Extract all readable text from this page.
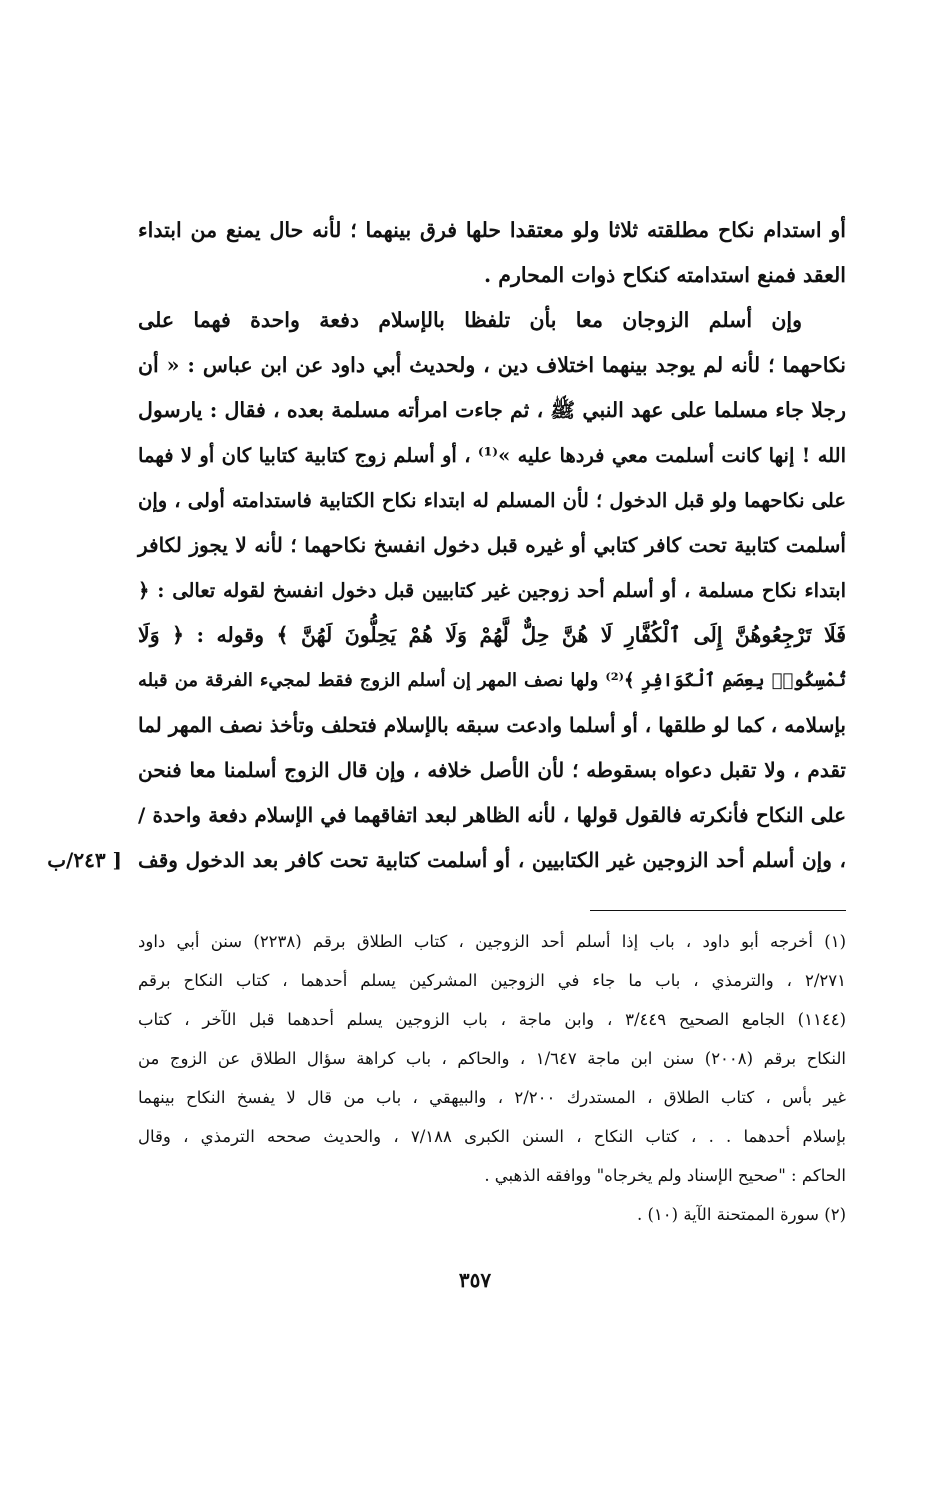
أو استدام نكاح مطلقته ثلاثا ولو معتقدا حلها فرق بينهما ؛ لأنه حال يمنع من ابتداء
العقد فمنع استدامته كنكاح ذوات المحارم .
وإن أسلم الزوجان معا بأن تلفظا بالإسلام دفعة واحدة فهما على
نكاحهما ؛ لأنه لم يوجد بينهما اختلاف دين ، ولحديث أبي داود عن ابن عباس : « أن
رجلا جاء مسلما على عهد النبي ﷺ ، ثم جاءت امرأته مسلمة بعده ، فقال : يارسول
الله ! إنها كانت أسلمت معي فردها عليه »⁽¹⁾ ، أو أسلم زوج كتابية كتابيا كان أو لا فهما
على نكاحهما ولو قبل الدخول ؛ لأن المسلم له ابتداء نكاح الكتابية فاستدامته أولى ، وإن
أسلمت كتابية تحت كافر كتابي أو غيره قبل دخول انفسخ نكاحهما ؛ لأنه لا يجوز لكافر
ابتداء نكاح مسلمة ، أو أسلم أحد زوجين غير كتابيين قبل دخول انفسخ لقوله تعالى : ﴿
فَلَا تَرْجِعُوهُنَّ إِلَى ٱلْكُفَّارِ لَا هُنَّ حِلٌّ لَّهُمْ وَلَا هُمْ يَحِلُّونَ لَهُنَّ ﴾ وقوله : ﴿ وَلَا
تُمْسِكُوا۟ بِعِصَمِ ٱلْكَوَافِرِ ﴾⁽²⁾ ولها نصف المهر إن أسلم الزوج فقط لمجيء الفرقة من قبله
بإسلامه ، كما لو طلقها ، أو أسلما وادعت سبقه بالإسلام فتحلف وتأخذ نصف المهر لما
تقدم ، ولا تقبل دعواه بسقوطه ؛ لأن الأصل خلافه ، وإن قال الزوج أسلمنا معا فنحن
على النكاح فأنكرته فالقول قولها ، لأنه الظاهر لبعد اتفاقهما في الإسلام دفعة واحدة /
، وإن أسلم أحد الزوجين غير الكتابيين ، أو أسلمت كتابية تحت كافر بعد الدخول وقف
[ ٢٤٣/ب
(١) أخرجه أبو داود ، باب إذا أسلم أحد الزوجين ، كتاب الطلاق برقم (٢٢٣٨) سنن أبي داود
٢/٢٧١ ، والترمذي ، باب ما جاء في الزوجين المشركين يسلم أحدهما ، كتاب النكاح برقم
(١١٤٤) الجامع الصحيح ٣/٤٤٩ ، وابن ماجة ، باب الزوجين يسلم أحدهما قبل الآخر ، كتاب
النكاح برقم (٢٠٠٨) سنن ابن ماجة ١/٦٤٧ ، والحاكم ، باب كراهة سؤال الطلاق عن الزوج من
غير بأس ، كتاب الطلاق ، المستدرك ٢/٢٠٠ ، والبيهقي ، باب من قال لا يفسخ النكاح بينهما
بإسلام أحدهما . . ، كتاب النكاح ، السنن الكبرى ٧/١٨٨ ، والحديث صححه الترمذي ، وقال
الحاكم : "صحيح الإسناد ولم يخرجاه" ووافقه الذهبي .
(٢) سورة الممتحنة الآية (١٠) .
٣٥٧
